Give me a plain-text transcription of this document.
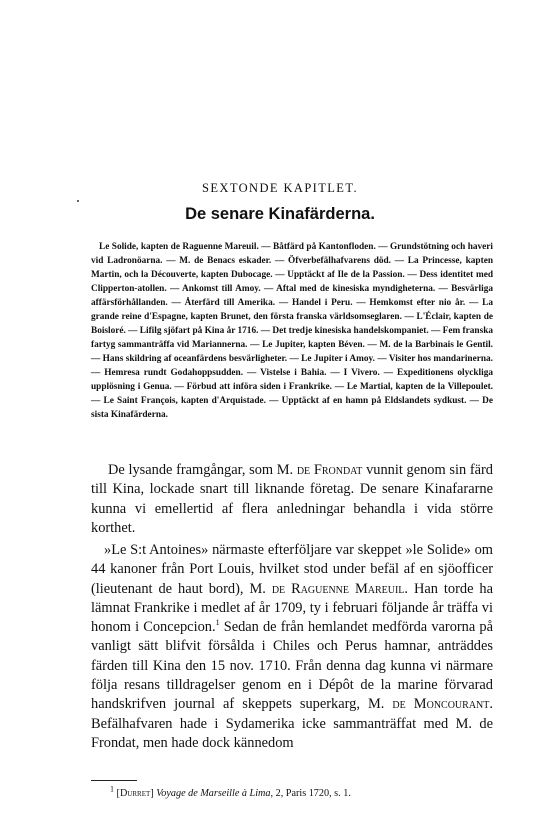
SEXTONDE KAPITLET.
De senare Kinafärderna.

Le Solide, kapten de Raguenne Mareuil. — Båtfärd på Kantonfloden. — Grundstötning och haveri vid Ladronöarna. — M. de Benacs eskader. — Öfverbefälhafvarens död. — La Princesse, kapten Martin, och la Découverte, kapten Dubocage. — Upptäckt af Ile de la Passion. — Dess identitet med Clipperton-atollen. — Ankomst till Amoy. — Aftal med de kinesiska myndigheterna. — Besvärliga affärsförhållanden. — Återfärd till Amerika. — Handel i Peru. — Hemkomst efter nio år. — La grande reine d'Espagne, kapten Brunet, den första franska världsomseglaren. — L'Éclair, kapten de Boisloré. — Lifilg sjöfart på Kina år 1716. — Det tredje kinesiska handelskompaniet. — Fem franska fartyg sammanträffa vid Mariannerna. — Le Jupiter, kapten Béven. — M. de la Barbinais le Gentil. — Hans skildring af oceanfärdens besvärligheter. — Le Jupiter i Amoy. — Visiter hos mandarinerna. — Hemresa rundt Godahoppsudden. — Vistelse i Bahia. — I Vivero. — Expeditionens olyckliga upplösning i Genua. — Förbud att införa siden i Frankrike. — Le Martial, kapten de la Villepoulet. — Le Saint François, kapten d'Arquistade. — Upptäckt af en hamn på Eldslandets sydkust. — De sista Kinafärderna.

De lysande framgångar, som M. de Frondat vunnit genom sin färd till Kina, lockade snart till liknande företag. De senare Kinafararne kunna vi emellertid af flera anledningar behandla i vida större korthet.

»Le S:t Antoines» närmaste efterföljare var skeppet »le Solide» om 44 kanoner från Port Louis, hvilket stod under befäl af en sjöofficer (lieutenant de haut bord), M. de Raguenne Mareuil. Han torde ha lämnat Frankrike i medlet af år 1709, ty i februari följande år träffa vi honom i Concepcion.$^1$ Sedan de från hemlandet medförda varorna på vanligt sätt blifvit försålda i Chiles och Perus hamnar, anträddes färden till Kina den 15 nov. 1710. Från denna dag kunna vi närmare följa resans tilldragelser genom en i Dépôt de la marine förvarad handskrifven journal af skeppets superkarg, M. de Moncourant. Befälhafvaren hade i Sydamerika icke sammanträffat med M. de Frondat, men hade dock kännedom

$^1$ [Durret] Voyage de Marseille à Lima, 2, Paris 1720, s. 1.
